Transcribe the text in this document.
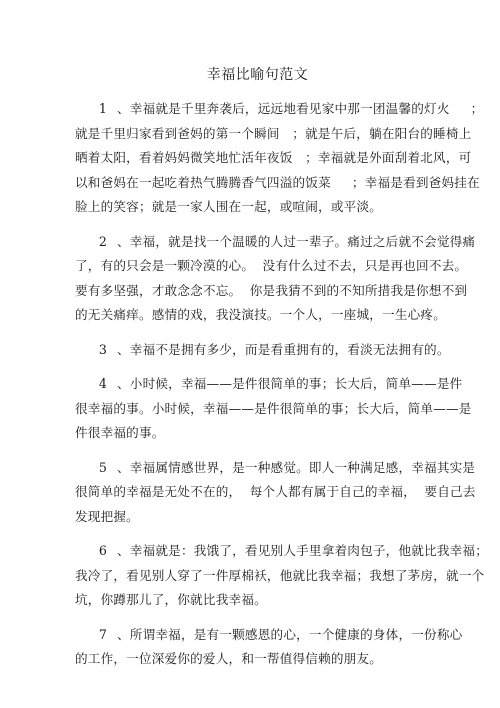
幸福比喻句范文
1 、幸福就是千里奔袭后，远远地看见家中那一团温馨的灯火     ；
就是千里归家看到爸妈的第一个瞬间   ；就是午后，躺在阳台的睡椅上
晒着太阳，看着妈妈微笑地忙活年夜饭   ；幸福就是外面刮着北风，可
以和爸妈在一起吃着热气腾腾香气四溢的饭菜     ；幸福是看到爸妈挂在
脸上的笑容；就是一家人围在一起，或喧闹，或平淡。
2 、幸福，就是找一个温暖的人过一辈子。痛过之后就不会觉得痛
了，有的只会是一颗冷漠的心。  没有什么过不去，只是再也回不去。
要有多坚强，才敢念念不忘。  你是我猜不到的不知所措我是你想不到
的无关痛痒。感情的戏，我没演技。一个人，一座城，一生心疼。
3 、幸福不是拥有多少，而是看重拥有的，看淡无法拥有的。
4 、小时候，幸福——是件很简单的事；长大后，简单——是件
很幸福的事。小时候，幸福——是件很简单的事；长大后，简单——是
件很幸福的事。
5 、幸福属情感世界，是一种感觉。即人一种满足感，幸福其实是
很简单的幸福是无处不在的，  每个人都有属于自己的幸福，  要自己去
发现把握。
6 、幸福就是：我饿了，看见别人手里拿着肉包子，他就比我幸福；
我冷了，看见别人穿了一件厚棉袄，他就比我幸福；我想了茅房，就一个
坑，你蹲那儿了，你就比我幸福。
7 、所谓幸福，是有一颗感恩的心，一个健康的身体，一份称心
的工作，一位深爱你的爱人，和一帮值得信赖的朋友。
